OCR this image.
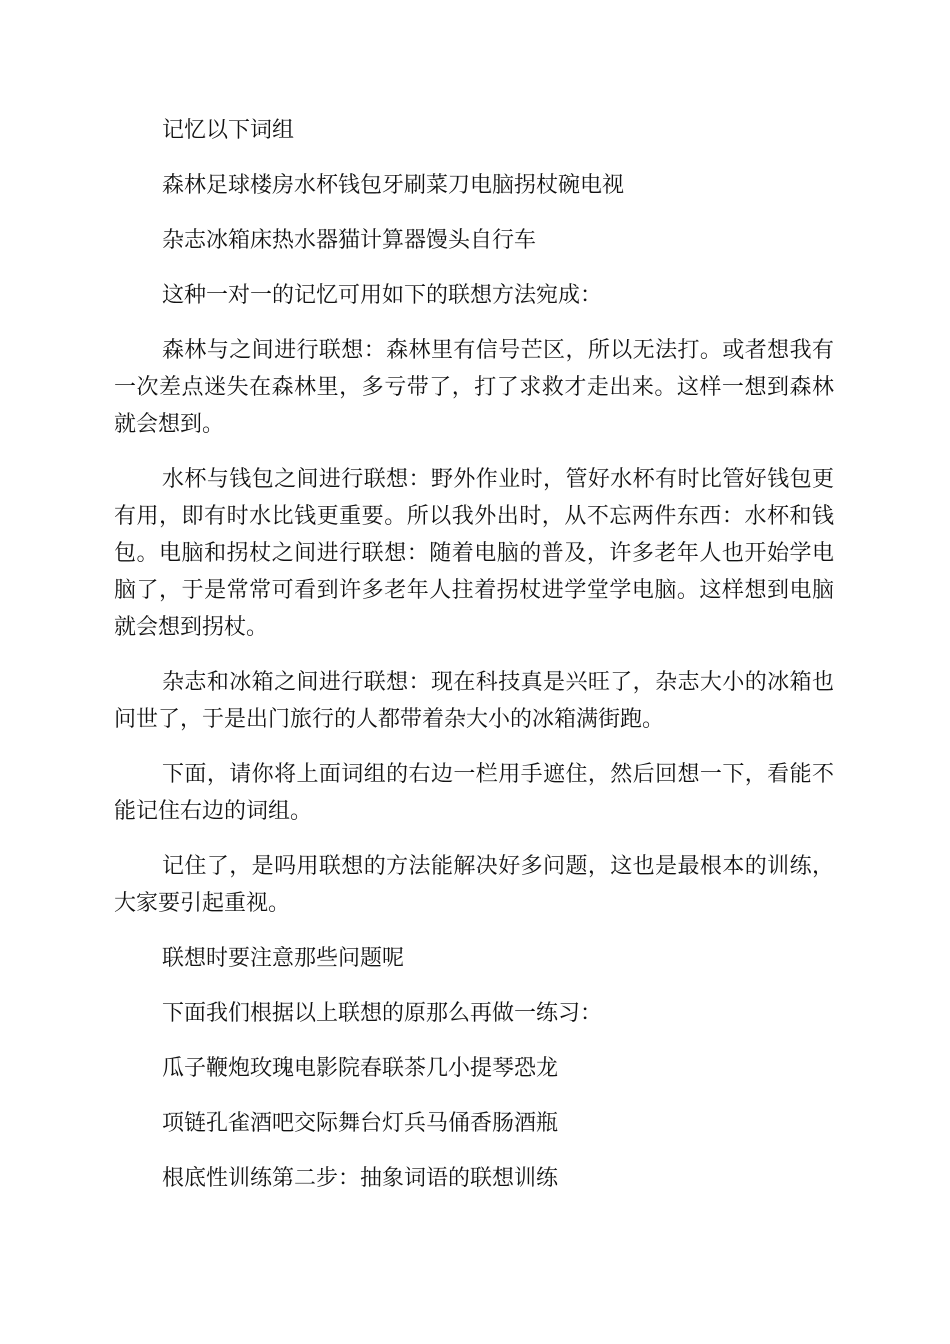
记忆以下词组

森林足球楼房水杯钱包牙刷菜刀电脑拐杖碗电视

杂志冰箱床热水器猫计算器馒头自行车

这种一对一的记忆可用如下的联想方法宛成：

森林与之间进行联想：森林里有信号芒区，所以无法打。或者想我有一次差点迷失在森林里，多亏带了，打了求救才走出来。这样一想到森林就会想到。

水杯与钱包之间进行联想：野外作业时，管好水杯有时比管好钱包更有用，即有时水比钱更重要。所以我外出时，从不忘两件东西：水杯和钱包。电脑和拐杖之间进行联想：随着电脑的普及，许多老年人也开始学电脑了，于是常常可看到许多老年人拄着拐杖进学堂学电脑。这样想到电脑就会想到拐杖。

杂志和冰箱之间进行联想：现在科技真是兴旺了，杂志大小的冰箱也问世了，于是出门旅行的人都带着杂大小的冰箱满街跑。

下面，请你将上面词组的右边一栏用手遮住，然后回想一下，看能不能记住右边的词组。

记住了，是吗用联想的方法能解决好多问题，这也是最根本的训练，大家要引起重视。

联想时要注意那些问题呢

下面我们根据以上联想的原那么再做一练习：

瓜子鞭炮玫瑰电影院春联茶几小提琴恐龙

项链孔雀酒吧交际舞台灯兵马俑香肠酒瓶

根底性训练第二步：抽象词语的联想训练
